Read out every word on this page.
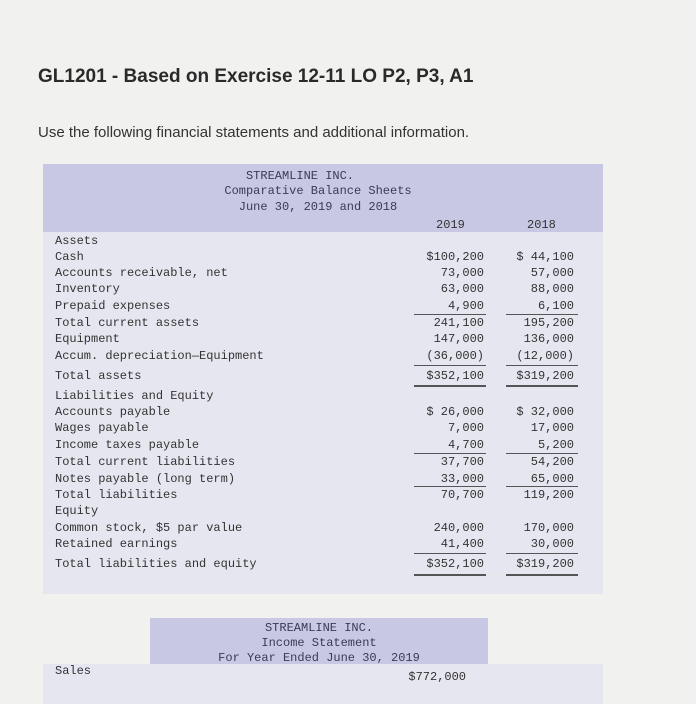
GL1201 - Based on Exercise 12-11 LO P2, P3, A1

Use the following financial statements and additional information.

STREAMLINE INC.
Comparative Balance Sheets
June 30, 2019 and 2018
2019	2018
Assets
Cash
Accounts receivable, net
Inventory
Prepaid expenses
Total current assets
Equipment
Accum. depreciation—Equipment
Total assets
Liabilities and Equity
Accounts payable
Wages payable
Income taxes payable
Total current liabilities
Notes payable (long term)
Total liabilities
Equity
Common stock, $5 par value
Retained earnings
Total liabilities and equity
$100,200
73,000
63,000
4,900
241,100
147,000
(36,000)
$352,100
$ 26,000
7,000
4,700
37,700
33,000
70,700
240,000
41,400
$352,100
$ 44,100
57,000
88,000
6,100
195,200
136,000
(12,000)
$319,200
$ 32,000
17,000
5,200
54,200
65,000
119,200
170,000
30,000
$319,200
STREAMLINE INC.
Income Statement
For Year Ended June 30, 2019
Sales	$772,000
